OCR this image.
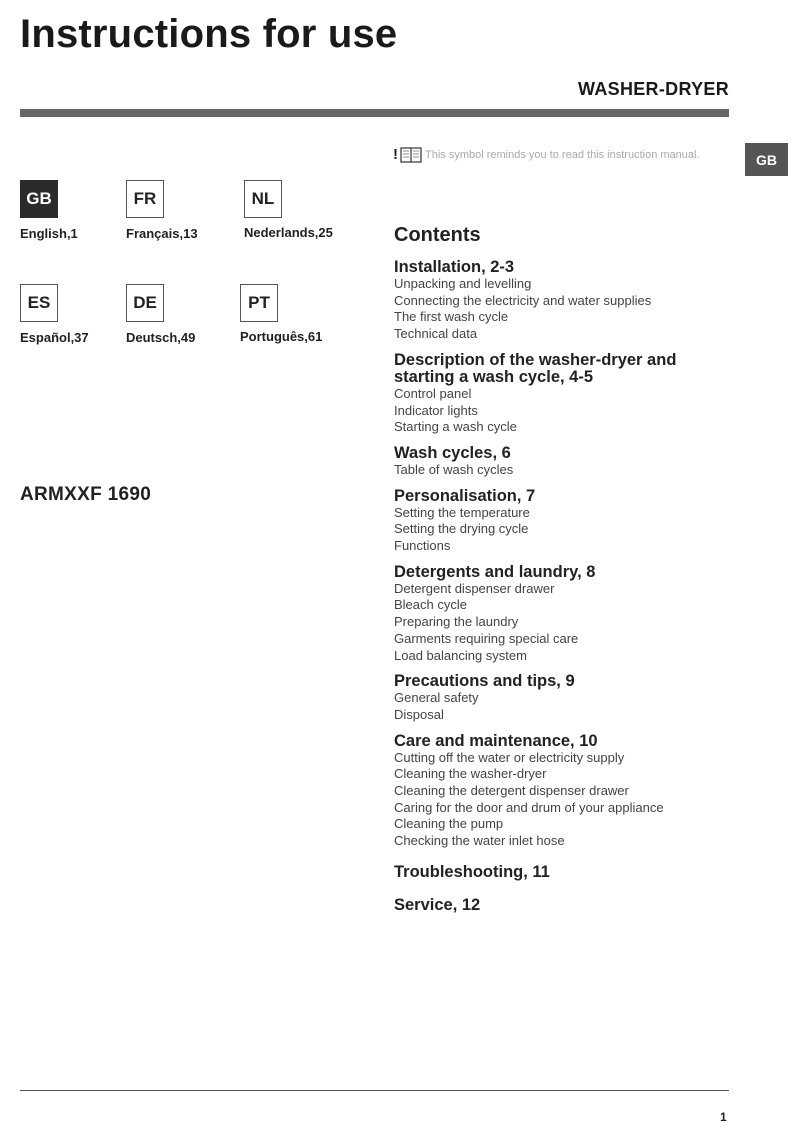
Instructions for use
WASHER-DRYER
GB
! This symbol reminds you to read this instruction manual.
GB
English,1
FR
Français,13
NL
Nederlands,25
ES
Español,37
DE
Deutsch,49
PT
Português,61
ARMXXF 1690
Contents
Installation, 2-3
Unpacking and levelling
Connecting the electricity and water supplies
The first wash cycle
Technical data
Description of the washer-dryer and
starting a wash cycle, 4-5
Control panel
Indicator lights
Starting a wash cycle
Wash cycles, 6
Table of wash cycles
Personalisation, 7
Setting the temperature
Setting the drying cycle
Functions
Detergents and laundry, 8
Detergent dispenser drawer
Bleach cycle
Preparing the laundry
Garments requiring special care
Load balancing system
Precautions and tips, 9
General safety
Disposal
Care and maintenance, 10
Cutting off the water or electricity supply
Cleaning the washer-dryer
Cleaning the detergent dispenser drawer
Caring for the door and drum of your appliance
Cleaning the pump
Checking the water inlet hose
Troubleshooting, 11
Service, 12
1
